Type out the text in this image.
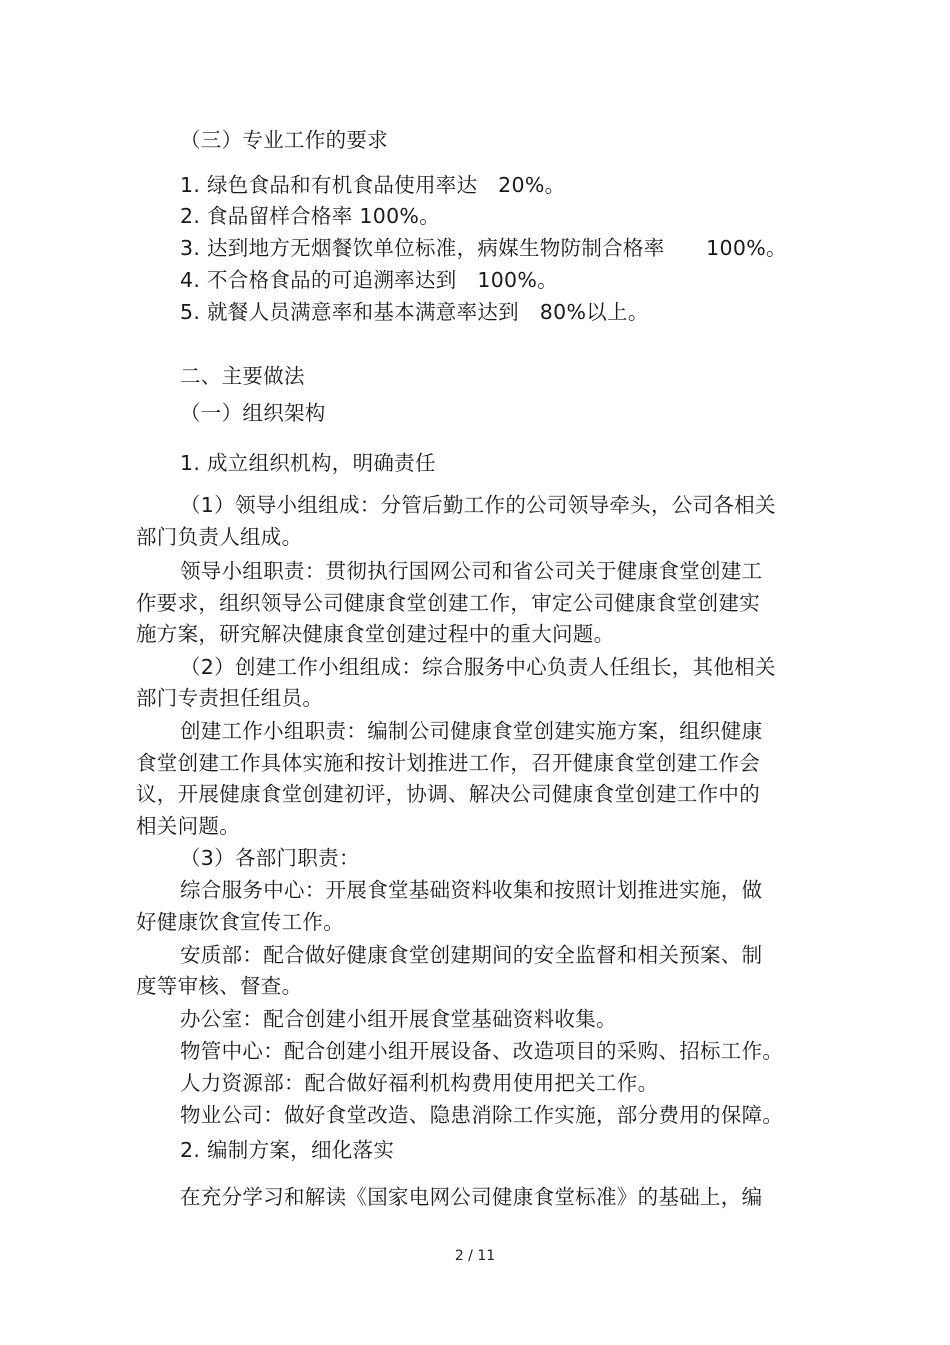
（三）专业工作的要求
1. 绿色食品和有机食品使用率达　20%。
2. 食品留样合格率 100%。
3. 达到地方无烟餐饮单位标准，病媒生物防制合格率　　100%。
4. 不合格食品的可追溯率达到　100%。
5. 就餐人员满意率和基本满意率达到　80%以上。
二、主要做法
（一）组织架构
1. 成立组织机构，明确责任
（1）领导小组组成：分管后勤工作的公司领导牵头，公司各相关
部门负责人组成。
领导小组职责：贯彻执行国网公司和省公司关于健康食堂创建工
作要求，组织领导公司健康食堂创建工作，审定公司健康食堂创建实
施方案，研究解决健康食堂创建过程中的重大问题。
（2）创建工作小组组成：综合服务中心负责人任组长，其他相关
部门专责担任组员。
创建工作小组职责：编制公司健康食堂创建实施方案，组织健康
食堂创建工作具体实施和按计划推进工作，召开健康食堂创建工作会
议，开展健康食堂创建初评，协调、解决公司健康食堂创建工作中的
相关问题。
（3）各部门职责：
综合服务中心：开展食堂基础资料收集和按照计划推进实施，做
好健康饮食宣传工作。
安质部：配合做好健康食堂创建期间的安全监督和相关预案、制
度等审核、督查。
办公室：配合创建小组开展食堂基础资料收集。
物管中心：配合创建小组开展设备、改造项目的采购、招标工作。
人力资源部：配合做好福利机构费用使用把关工作。
物业公司：做好食堂改造、隐患消除工作实施，部分费用的保障。
2. 编制方案，细化落实
在充分学习和解读《国家电网公司健康食堂标准》的基础上，编
2 / 11
